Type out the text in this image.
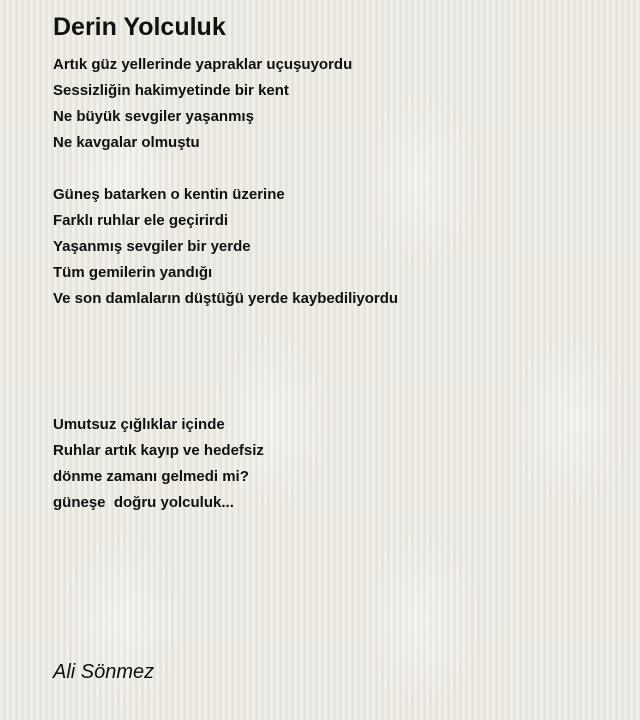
Derin Yolculuk
Artık güz yellerinde yapraklar uçuşuyordu
Sessizliğin hakimyetinde bir kent
Ne büyük sevgiler yaşanmış
Ne kavgalar olmuştu
Güneş batarken o kentin üzerine
Farklı ruhlar ele geçirirdi
Yaşanmış sevgiler bir yerde
Tüm gemilerin yandığı
Ve son damlaların düştüğü yerde kaybediliyordu
Umutsuz çığlıklar içinde
Ruhlar artık kayıp ve hedefsiz
dönme zamanı gelmedi mi?
güneşe  doğru yolculuk...

Ali Sönmez
